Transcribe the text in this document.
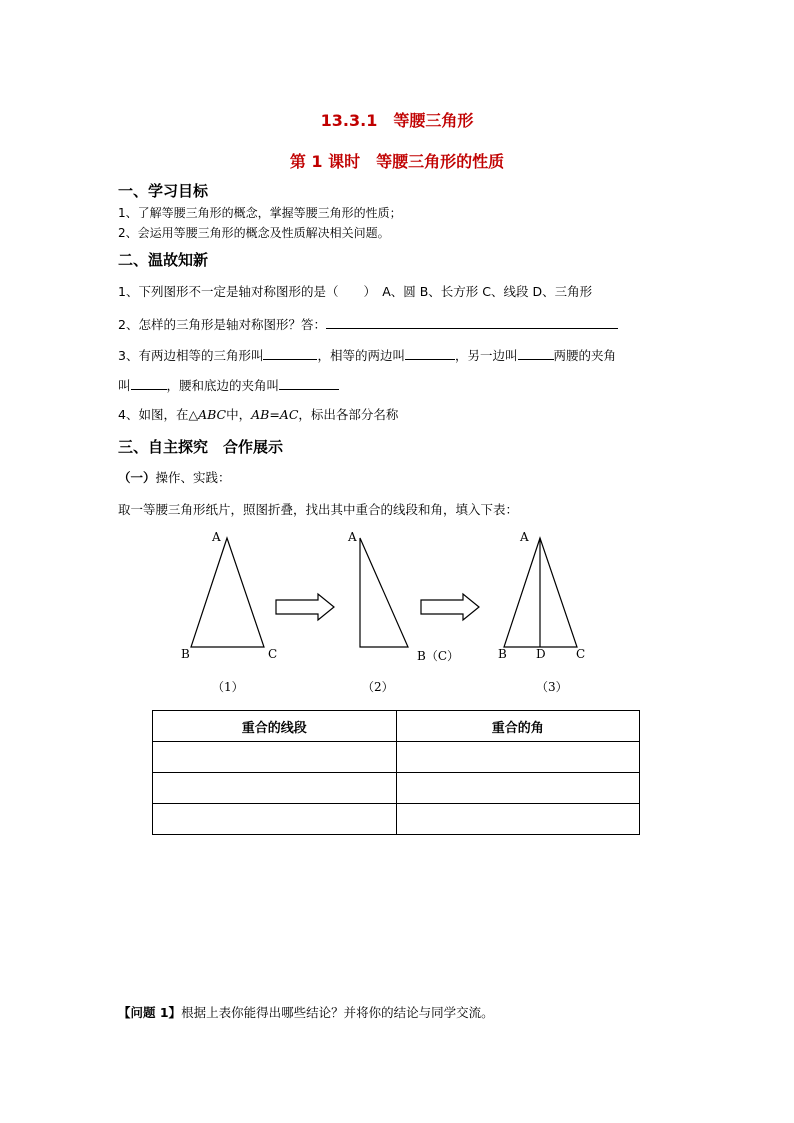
13.3.1　等腰三角形
第 1 课时　等腰三角形的性质
一、学习目标
1、了解等腰三角形的概念，掌握等腰三角形的性质；
2、会运用等腰三角形的概念及性质解决相关问题。
二、温故知新
1、下列图形不一定是轴对称图形的是（　　）　A、圆 B、长方形 C、线段 D、三角形
2、怎样的三角形是轴对称图形？答：
3、有两边相等的三角形叫	，相等的两边叫	，另一边叫	两腰的夹角
叫	，腰和底边的夹角叫
4、如图，在△ABC中，AB=AC，标出各部分名称
三、自主探究　合作展示
（一）操作、实践：
取一等腰三角形纸片，照图折叠，找出其中重合的线段和角，填入下表：
A
B	C
（1）
A
B（C）
（2）
A
B D	C
（3）
重合的线段	重合的角

【问题 1】根据上表你能得出哪些结论？并将你的结论与同学交流。
